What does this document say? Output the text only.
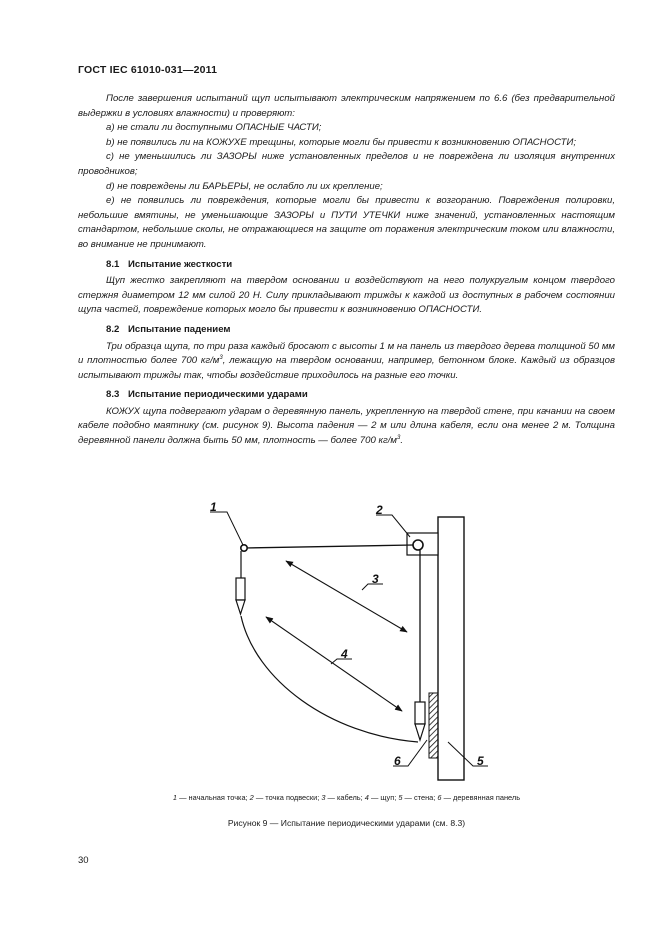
ГОСТ IEC 61010-031—2011

После завершения испытаний щуп испытывают электрическим напряжением по 6.6 (без предварительной выдержки в условиях влажности) и проверяют:

a) не стали ли доступными ОПАСНЫЕ ЧАСТИ;

b) не появились ли на КОЖУХЕ трещины, которые могли бы привести к возникновению ОПАСНОСТИ;

c) не уменьшились ли ЗАЗОРЫ ниже установленных пределов и не повреждена ли изоляция внутренних проводников;

d) не повреждены ли БАРЬЕРЫ, не ослабло ли их крепление;

e) не появились ли повреждения, которые могли бы привести к возгоранию. Повреждения полировки, небольшие вмятины, не уменьшающие ЗАЗОРЫ и ПУТИ УТЕЧКИ ниже значений, установленных настоящим стандартом, небольшие сколы, не отражающиеся на защите от поражения электрическим током или влажности, во внимание не принимают.

8.1 Испытание жесткости

Щуп жестко закрепляют на твердом основании и воздействуют на него полукруглым концом твердого стержня диаметром 12 мм силой 20 Н. Силу прикладывают трижды к каждой из доступных в рабочем состоянии щупа частей, повреждение которых могло бы привести к возникновению ОПАСНОСТИ.

8.2 Испытание падением

Три образца щупа, по три раза каждый бросают с высоты 1 м на панель из твердого дерева толщиной 50 мм и плотностью более 700 $кг/м^3$, лежащую на твердом основании, например, бетонном блоке. Каждый из образцов испытывают трижды так, чтобы воздействие приходилось на разные его точки.

8.3 Испытание периодическими ударами

КОЖУХ щупа подвергают ударам о деревянную панель, укрепленную на твердой стене, при качании на своем кабеле подобно маятнику (см. рисунок 9). Высота падения — 2 м или длина кабеля, если она менее 2 м. Толщина деревянной панели должна быть 50 мм, плотность — более 700 $кг/м^3$.

1	2
3
4
5
6
1 — начальная точка; 2 — точка подвески; 3 — кабель; 4 — щуп; 5 — стена; 6 — деревянная панель
Рисунок 9 — Испытание периодическими ударами (см. 8.3)
30
